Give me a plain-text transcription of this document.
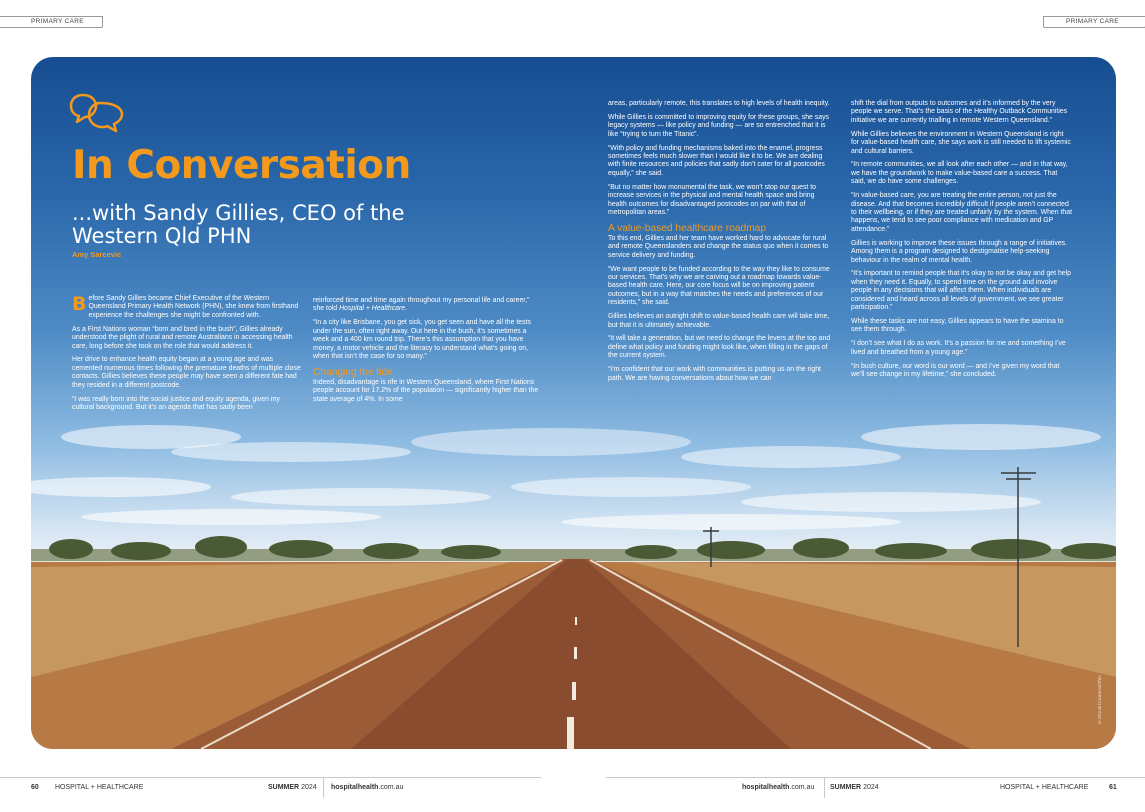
PRIMARY CARE	PRIMARY CARE
In Conversation
...with Sandy Gillies, CEO of the Western Qld PHN
Amy Sarcevic

Before Sandy Gillies became Chief Executive of the Western Queensland Primary Health Network (PHN), she knew from firsthand experience the challenges she might be confronted with.

As a First Nations woman “born and bred in the bush”, Gillies already understood the plight of rural and remote Australians in accessing health care, long before she took on the role that would address it.

Her drive to enhance health equity began at a young age and was cemented numerous times following the premature deaths of multiple close contacts. Gillies believes these people may have seen a different fate had they resided in a different postcode.

“I was really born into the social justice and equity agenda, given my cultural background. But it’s an agenda that has sadly been

reinforced time and time again throughout my personal life and career,” she told Hospital + Healthcare.

“In a city like Brisbane, you get sick, you get seen and have all the tests under the sun, often right away. Out here in the bush, it’s sometimes a week and a 400 km round trip. There’s this assumption that you have money, a motor vehicle and the literacy to understand what’s going on, when that isn’t the case for so many.”

Changing the tide

Indeed, disadvantage is rife in Western Queensland, where First Nations people account for 17.2% of the population — significantly higher than the state average of 4%. In some

areas, particularly remote, this translates to high levels of health inequity.

While Gillies is committed to improving equity for these groups, she says legacy systems — like policy and funding — are so entrenched that it is like “trying to turn the Titanic”.

“With policy and funding mechanisms baked into the enamel, progress sometimes feels much slower than I would like it to be. We are dealing with finite resources and policies that sadly don’t cater for all postcodes equally,” she said.

“But no matter how monumental the task, we won’t stop our quest to increase services in the physical and mental health space and bring health outcomes for disadvantaged postcodes on par with that of metropolitan areas.”

A value-based healthcare roadmap

To this end, Gillies and her team have worked hard to advocate for rural and remote Queenslanders and change the status quo when it comes to service delivery and funding.

“We want people to be funded according to the way they like to consume our services. That’s why we are carving out a roadmap towards value-based health care. Here, our core focus will be on improving patient outcomes, but in a way that matches the needs and preferences of our residents,” she said.

Gillies believes an outright shift to value-based health care will take time, but that it is ultimately achievable.

“It will take a generation, but we need to change the levers at the top and define what policy and funding might look like, when filling in the gaps of the current system.

“I’m confident that our work with communities is putting us on the right path. We are having conversations about how we can

shift the dial from outputs to outcomes and it’s informed by the very people we serve. That’s the basis of the Healthy Outback Communities initiative we are currently trialling in remote Western Queensland.”

While Gillies believes the environment in Western Queensland is right for value-based health care, she says work is still needed to lift systemic and cultural barriers.

“In remote communities, we all look after each other — and in that way, we have the groundwork to make value-based care a success. That said, we do have some challenges.

“In value-based care, you are treating the entire person, not just the disease. And that becomes incredibly difficult if people aren’t connected to their wellbeing, or if they are treated unfairly by the system. When that happens, we tend to see poor compliance with medication and GP attendance.”

Gillies is working to improve these issues through a range of initiatives. Among them is a program designed to destigmatise help-seeking behaviour in the realm of mental health.

“It’s important to remind people that it’s okay to not be okay and get help when they need it. Equally, to spend time on the ground and involve people in any decisions that will affect them. When individuals are considered and heard across all levels of government, we see greater participation.”

While these tasks are not easy, Gillies appears to have the stamina to see them through.

“I don’t see what I do as work. It’s a passion for me and something I’ve lived and breathed from a young age.”

“In bush culture, our word is our word — and I’ve given my word that we’ll see change in my lifetime,” she concluded.

©iStock/Cameralithic
60 HOSPITAL + HEALTHCARE	SUMMER 2024 hospitalhealth.com.au	hospitalhealth.com.au SUMMER 2024	HOSPITAL + HEALTHCARE	61
